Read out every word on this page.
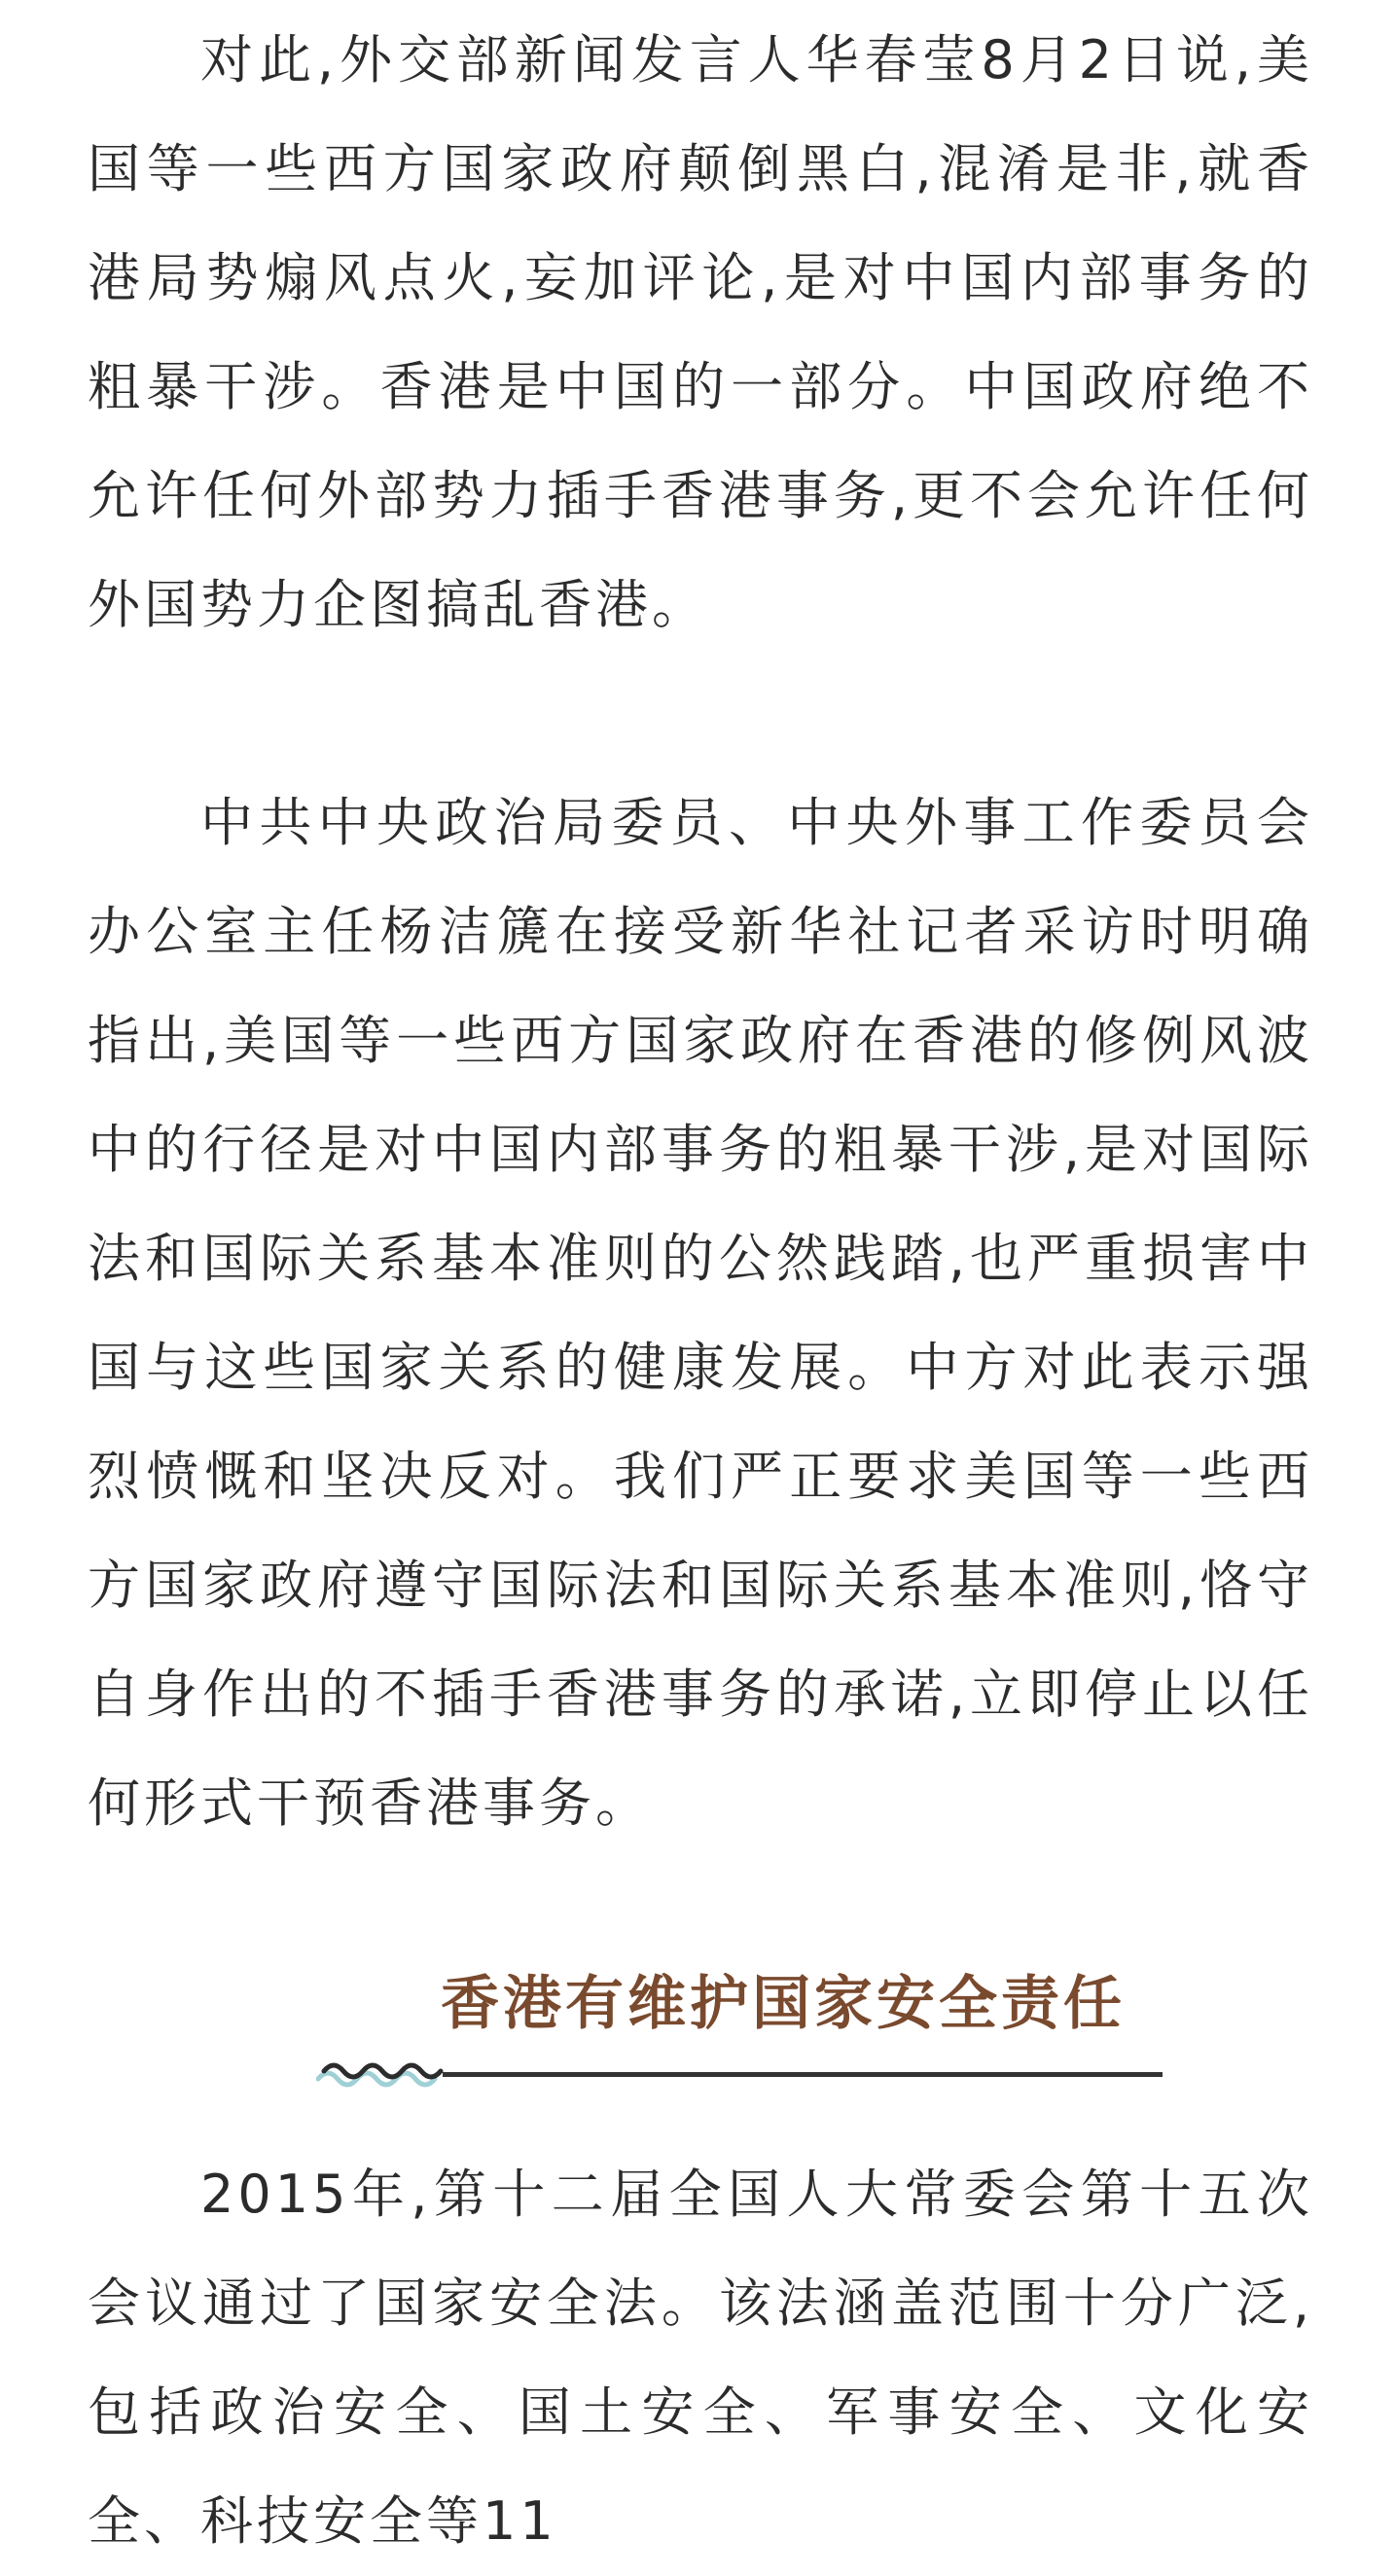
对此,外交部新闻发言人华春莹8月2日说,美国等一些西方国家政府颠倒黑白,混淆是非,就香港局势煽风点火,妄加评论,是对中国内部事务的粗暴干涉。香港是中国的一部分。中国政府绝不允许任何外部势力插手香港事务,更不会允许任何外国势力企图搞乱香港。

中共中央政治局委员、中央外事工作委员会办公室主任杨洁篪在接受新华社记者采访时明确指出,美国等一些西方国家政府在香港的修例风波中的行径是对中国内部事务的粗暴干涉,是对国际法和国际关系基本准则的公然践踏,也严重损害中国与这些国家关系的健康发展。中方对此表示强烈愤慨和坚决反对。我们严正要求美国等一些西方国家政府遵守国际法和国际关系基本准则,恪守自身作出的不插手香港事务的承诺,立即停止以任何形式干预香港事务。

香港有维护国家安全责任

2015年,第十二届全国人大常委会第十五次会议通过了国家安全法。该法涵盖范围十分广泛,包括政治安全、国土安全、军事安全、文化安全、科技安全等11
